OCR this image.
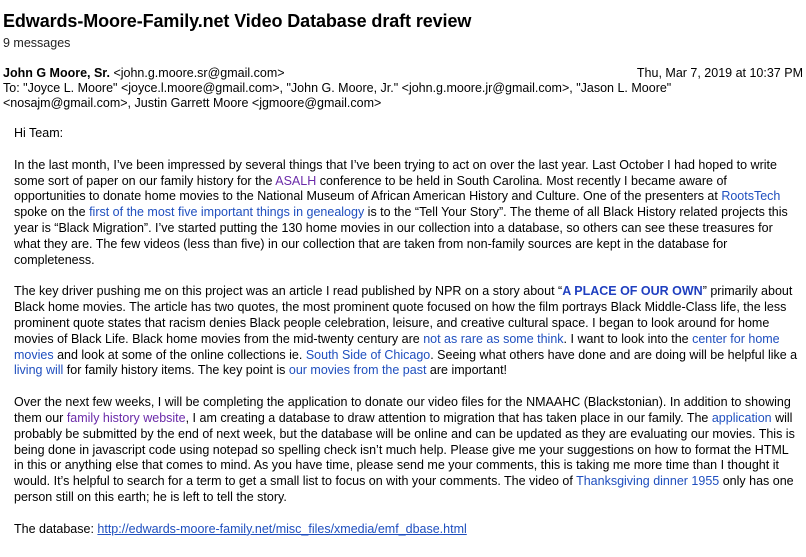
Edwards-Moore-Family.net Video Database draft review
9 messages
John G Moore, Sr. <john.g.moore.sr@gmail.com>	Thu, Mar 7, 2019 at 10:37 PM
To: "Joyce L. Moore" <joyce.l.moore@gmail.com>, "John G. Moore, Jr." <john.g.moore.jr@gmail.com>, "Jason L. Moore" <nosajm@gmail.com>, Justin Garrett Moore <jgmoore@gmail.com>

Hi Team:

In the last month, I’ve been impressed by several things that I’ve been trying to act on over the last year. Last October I had hoped to write some sort of paper on our family history for the ASALH conference to be held in South Carolina. Most recently I became aware of opportunities to donate home movies to the National Museum of African American History and Culture. One of the presenters at RootsTech spoke on the first of the most five important things in genealogy is to the “Tell Your Story”. The theme of all Black History related projects this year is “Black Migration”. I’ve started putting the 130 home movies in our collection into a database, so others can see these treasures for what they are. The few videos (less than five) in our collection that are taken from non-family sources are kept in the database for completeness.

The key driver pushing me on this project was an article I read published by NPR on a story about “A PLACE OF OUR OWN” primarily about Black home movies. The article has two quotes, the most prominent quote focused on how the film portrays Black Middle-Class life, the less prominent quote states that racism denies Black people celebration, leisure, and creative cultural space. I began to look around for home movies of Black Life. Black home movies from the mid-twenty century are not as rare as some think. I want to look into the center for home movies and look at some of the online collections ie. South Side of Chicago. Seeing what others have done and are doing will be helpful like a living will for family history items. The key point is our movies from the past are important!

Over the next few weeks, I will be completing the application to donate our video files for the NMAAHC (Blackstonian). In addition to showing them our family history website, I am creating a database to draw attention to migration that has taken place in our family. The application will probably be submitted by the end of next week, but the database will be online and can be updated as they are evaluating our movies. This is being done in javascript code using notepad so spelling check isn’t much help. Please give me your suggestions on how to format the HTML in this or anything else that comes to mind. As you have time, please send me your comments, this is taking me more time than I thought it would. It’s helpful to search for a term to get a small list to focus on with your comments. The video of Thanksgiving dinner 1955 only has one person still on this earth; he is left to tell the story.

The database: http://edwards-moore-family.net/misc_files/xmedia/emf_dbase.html
